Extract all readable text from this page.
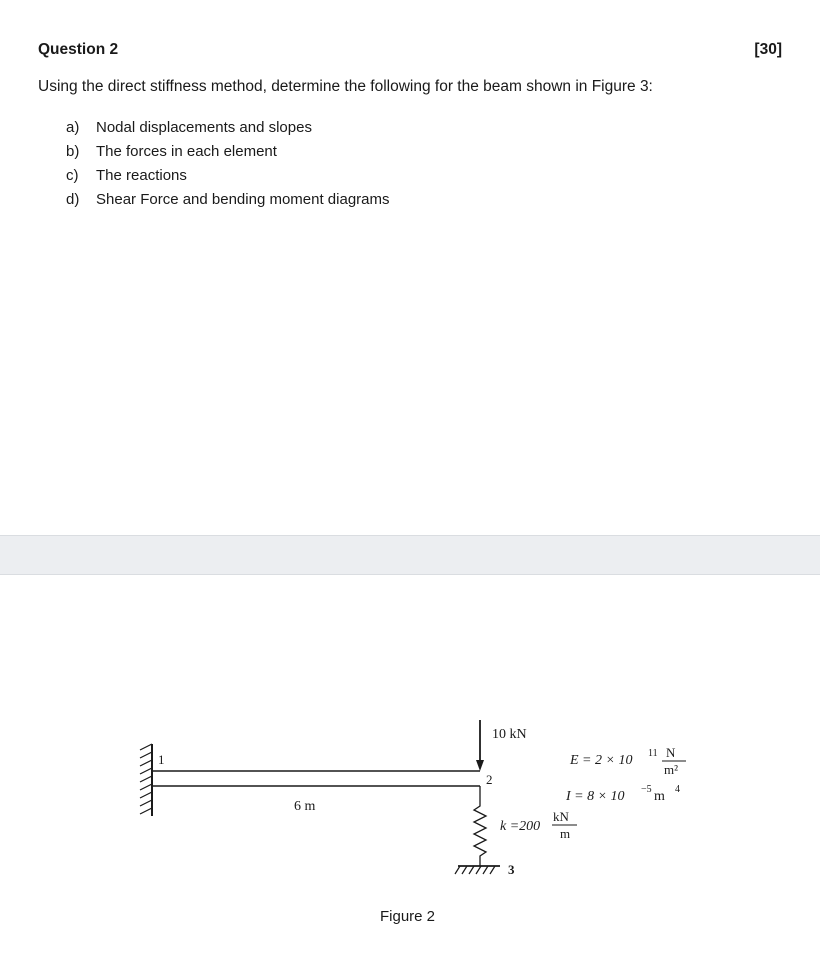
Question 2	[30]
Using the direct stiffness method, determine the following for the beam shown in Figure 3:
a) Nodal displacements and slopes
b) The forces in each element
c) The reactions
d) Shear Force and bending moment diagrams
1
2
3
6 m
10 kN
k =200
kN
m
E = 2 × 10 11 N
m²
I = 8 × 10 −5 m 4
Figure 2
